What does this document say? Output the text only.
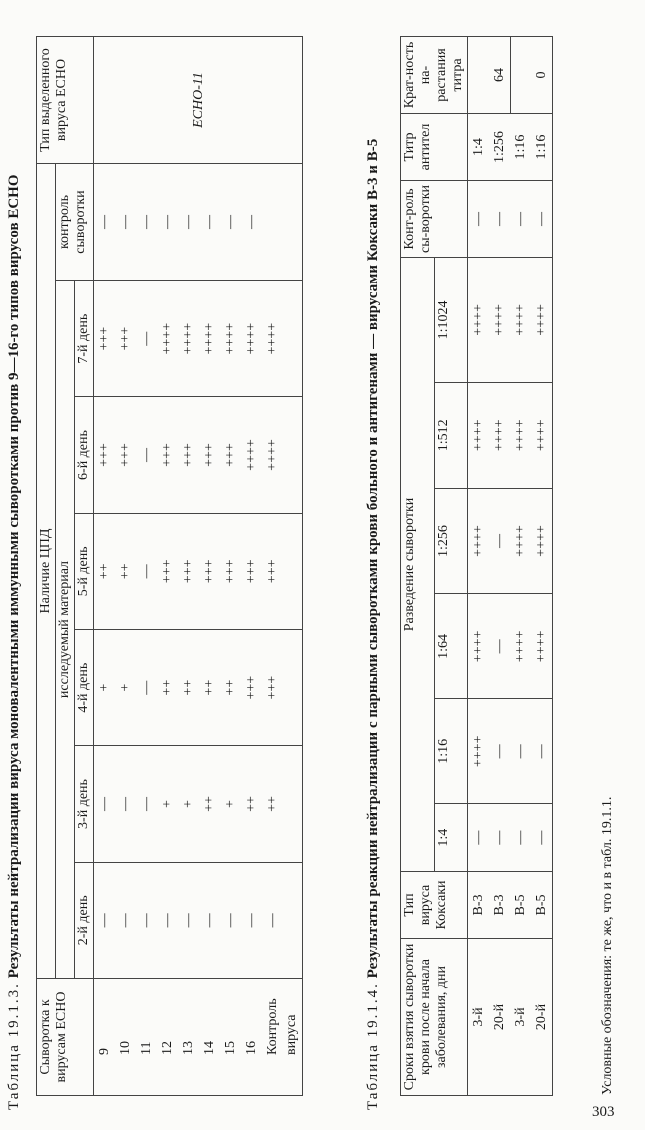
Таблица 19.1.3. Результаты нейтрализации вируса моновалентными иммунными сыворотками против 9—16-го типов вирусов ЕСНО
Сыворотка к вирусам ЕСНО	Наличие ЦПД							Тип выделенного вируса ЕСНО
	исследуемый материал						контроль сыворотки	
	2-й день	3-й день	4-й день	5-й день	6-й день	7-й день		
9	—	—	+	++	+++	+++	—	ЕСНО-11
10	—	—	+	++	+++	+++	—	
11	—	—	—	—	—	—	—	
12	—	+	++	+++	+++	++++	—	
13	—	+	++	+++	+++	++++	—	
14	—	++	++	+++	+++	++++	—	
15	—	+	++	+++	+++	++++	—	
16	—	++	+++	+++	++++	++++	—	
Контроль вируса	—	++	+++	+++	++++	++++		
Таблица 19.1.4. Результаты реакции нейтрализации с парными сыворотками крови больного и антигенами — вирусами Коксаки В-3 и В-5
Сроки взятия сыворотки крови после начала заболевания, дни	Тип вируса Коксаки	Разведение сыворотки						Конт-роль сы-воротки	Титр антител	Крат-ность на-растания титра
		1:4	1:16	1:64	1:256	1:512	1:1024			
3-й	В-3	—	++++	++++	++++	++++	++++	—	1:4	64
20-й	В-3	—	—	—	—	++++	++++	—	1:256	
3-й	В-5	—	—	++++	++++	++++	++++	—	1:16	0
20-й	В-5	—	—	++++	++++	++++	++++	—	1:16	
Условные обозначения: те же, что и в табл. 19.1.1.
303
